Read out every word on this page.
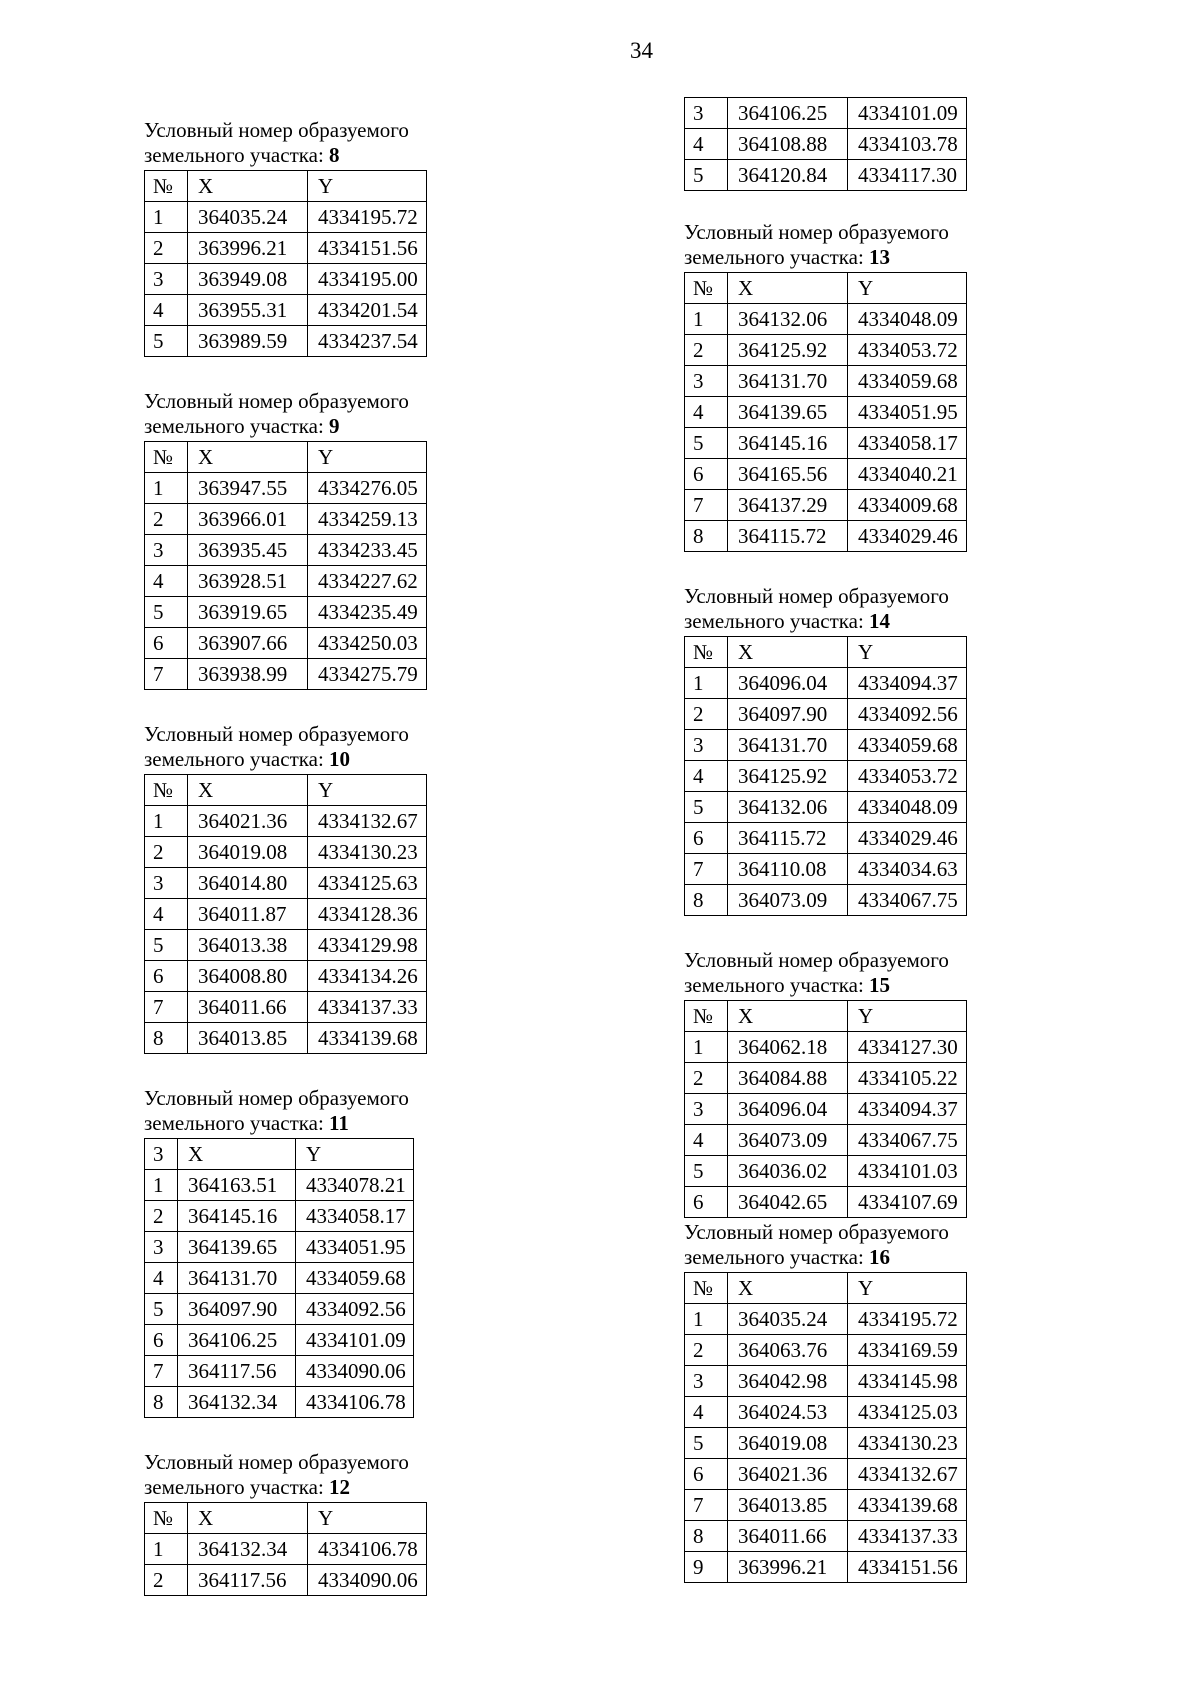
34
Условный номер образуемого
земельного участка: 8
№	X	Y
1	364035.24	4334195.72
2	363996.21	4334151.56
3	363949.08	4334195.00
4	363955.31	4334201.54
5	363989.59	4334237.54
Условный номер образуемого
земельного участка: 9
№	X	Y
1	363947.55	4334276.05
2	363966.01	4334259.13
3	363935.45	4334233.45
4	363928.51	4334227.62
5	363919.65	4334235.49
6	363907.66	4334250.03
7	363938.99	4334275.79
Условный номер образуемого
земельного участка: 10
№	X	Y
1	364021.36	4334132.67
2	364019.08	4334130.23
3	364014.80	4334125.63
4	364011.87	4334128.36
5	364013.38	4334129.98
6	364008.80	4334134.26
7	364011.66	4334137.33
8	364013.85	4334139.68
Условный номер образуемого
земельного участка: 11
3	X	Y
1	364163.51	4334078.21
2	364145.16	4334058.17
3	364139.65	4334051.95
4	364131.70	4334059.68
5	364097.90	4334092.56
6	364106.25	4334101.09
7	364117.56	4334090.06
8	364132.34	4334106.78
Условный номер образуемого
земельного участка: 12
№	X	Y
1	364132.34	4334106.78
2	364117.56	4334090.06
3	364106.25	4334101.09
4	364108.88	4334103.78
5	364120.84	4334117.30
Условный номер образуемого
земельного участка: 13
№	X	Y
1	364132.06	4334048.09
2	364125.92	4334053.72
3	364131.70	4334059.68
4	364139.65	4334051.95
5	364145.16	4334058.17
6	364165.56	4334040.21
7	364137.29	4334009.68
8	364115.72	4334029.46
Условный номер образуемого
земельного участка: 14
№	X	Y
1	364096.04	4334094.37
2	364097.90	4334092.56
3	364131.70	4334059.68
4	364125.92	4334053.72
5	364132.06	4334048.09
6	364115.72	4334029.46
7	364110.08	4334034.63
8	364073.09	4334067.75
Условный номер образуемого
земельного участка: 15
№	X	Y
1	364062.18	4334127.30
2	364084.88	4334105.22
3	364096.04	4334094.37
4	364073.09	4334067.75
5	364036.02	4334101.03
6	364042.65	4334107.69
Условный номер образуемого
земельного участка: 16
№	X	Y
1	364035.24	4334195.72
2	364063.76	4334169.59
3	364042.98	4334145.98
4	364024.53	4334125.03
5	364019.08	4334130.23
6	364021.36	4334132.67
7	364013.85	4334139.68
8	364011.66	4334137.33
9	363996.21	4334151.56
